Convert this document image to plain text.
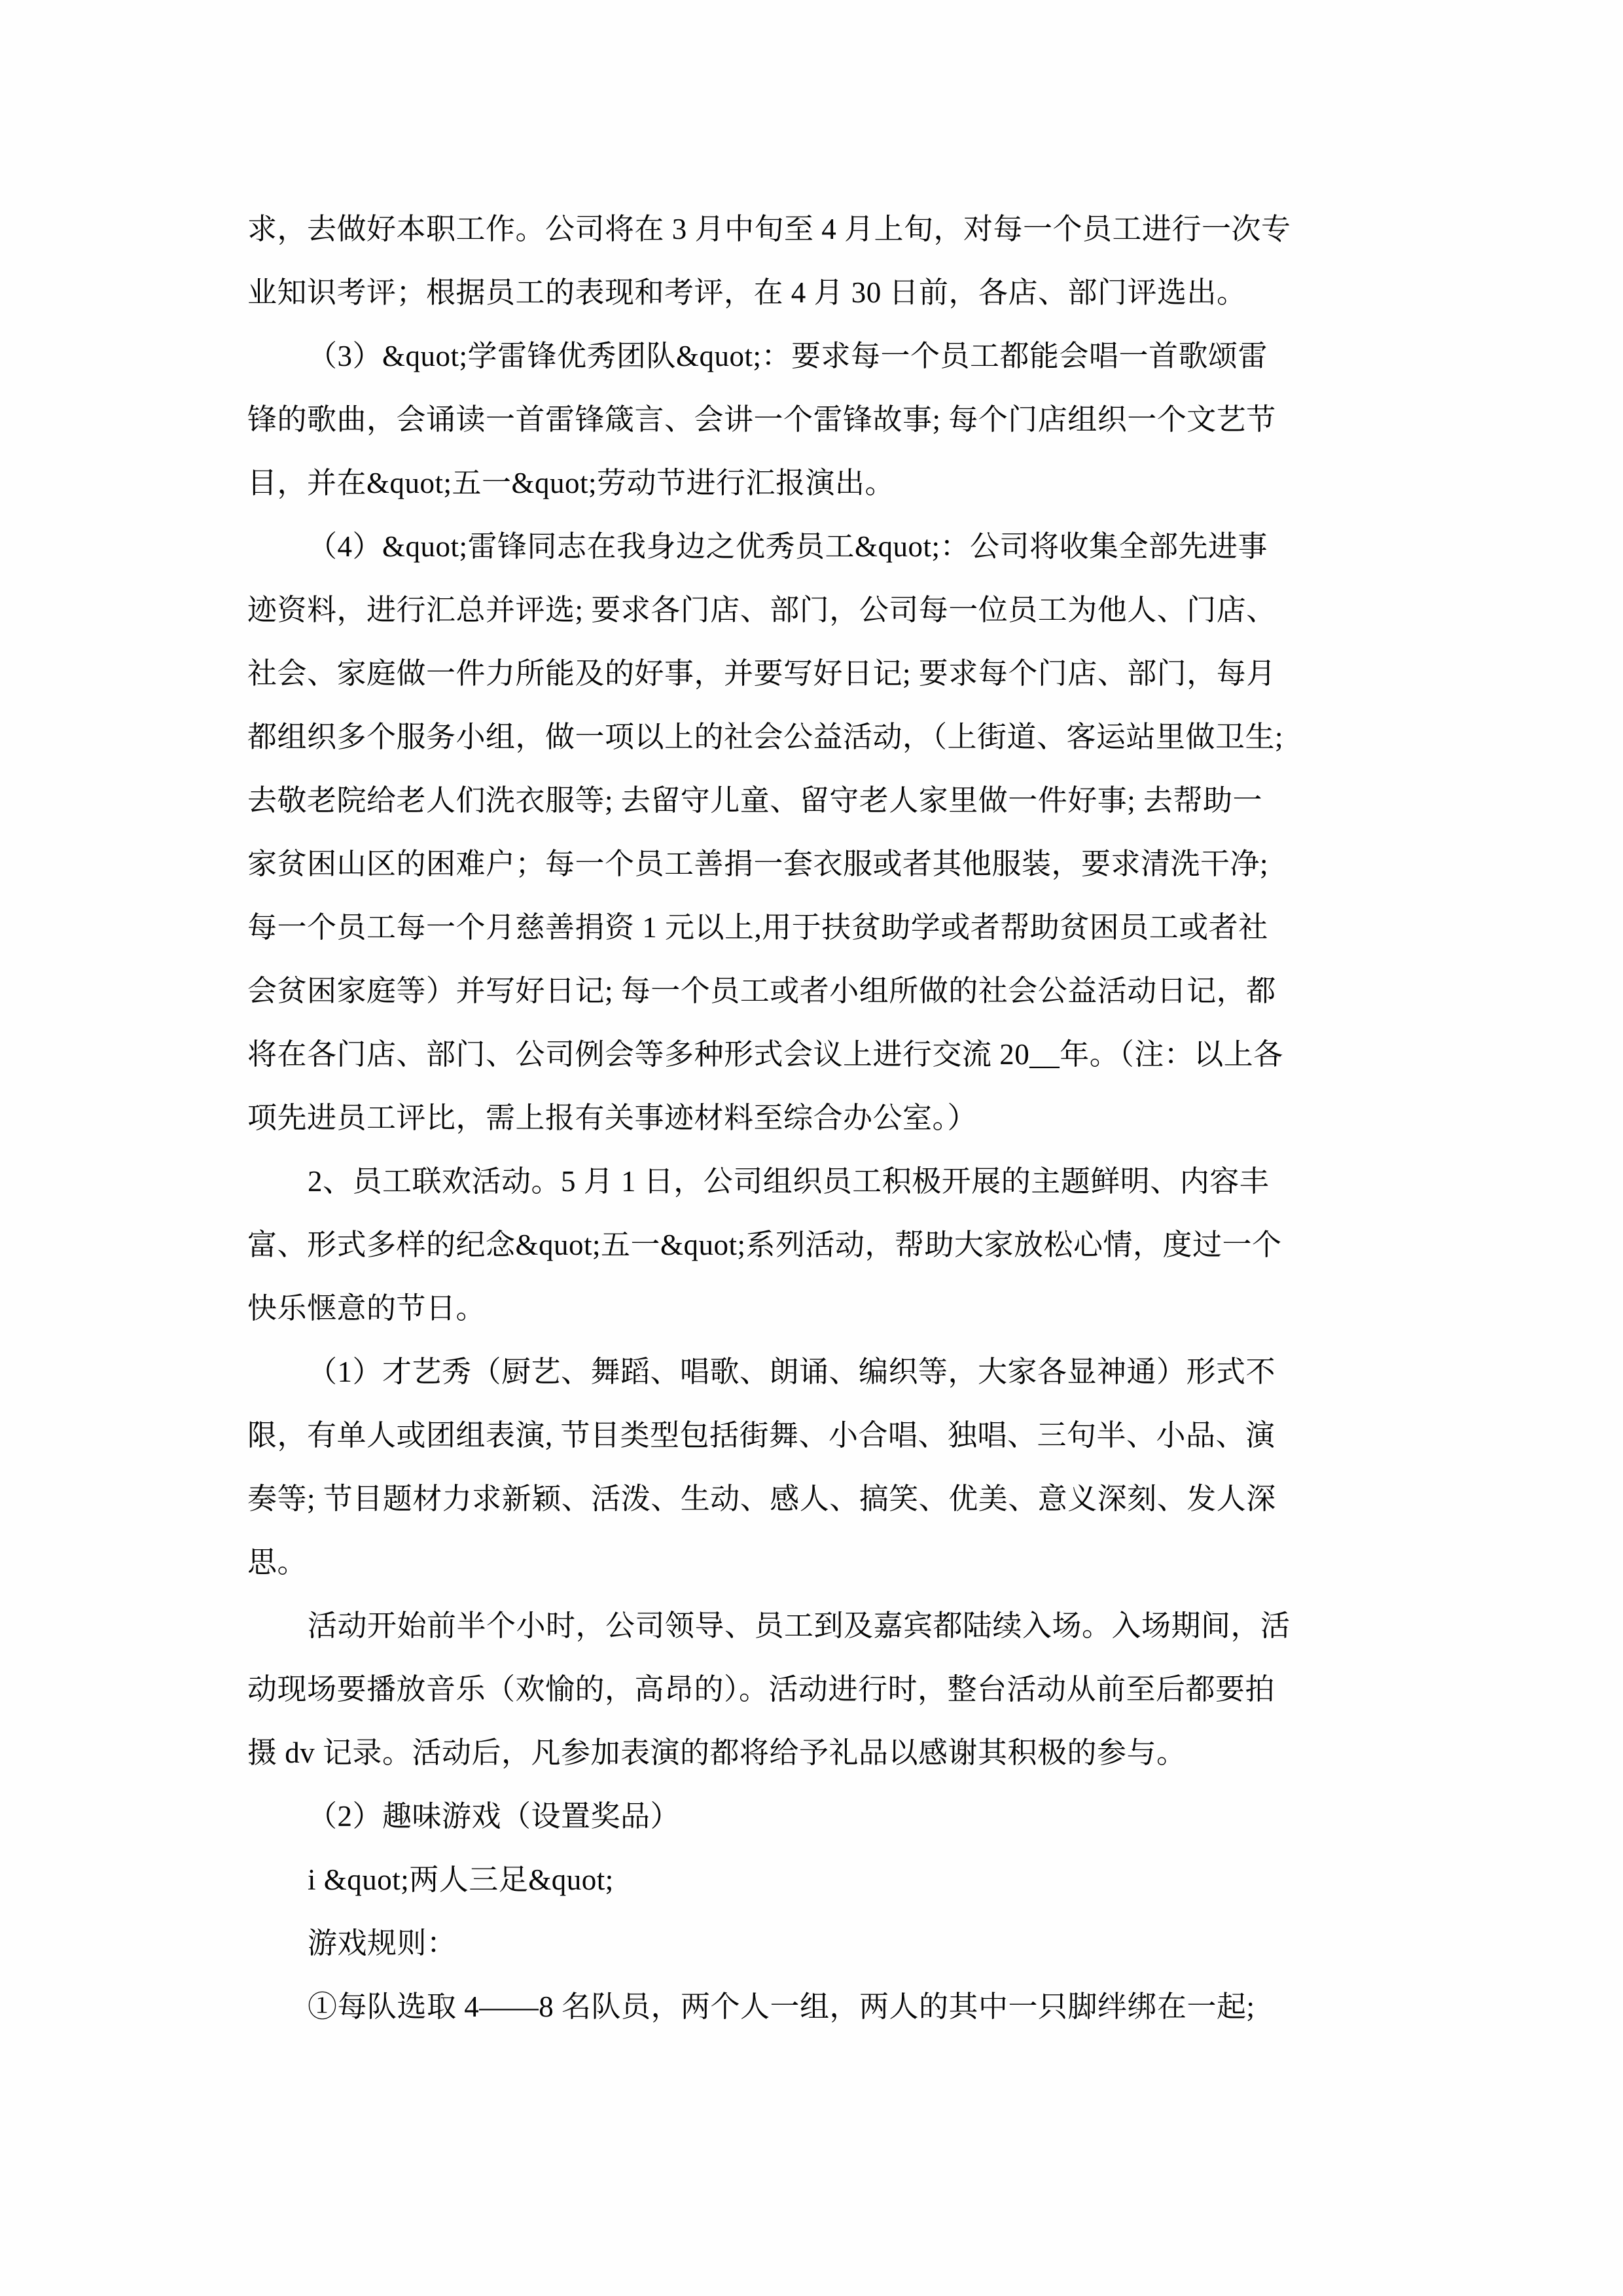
求，去做好本职工作。公司将在 3 月中旬至 4 月上旬，对每一个员工进行一次专
业知识考评；根据员工的表现和考评，在 4 月 30 日前，各店、部门评选出。
（3）&quot;学雷锋优秀团队&quot;：要求每一个员工都能会唱一首歌颂雷
锋的歌曲，会诵读一首雷锋箴言、会讲一个雷锋故事; 每个门店组织一个文艺节
目，并在&quot;五一&quot;劳动节进行汇报演出。
（4）&quot;雷锋同志在我身边之优秀员工&quot;：公司将收集全部先进事
迹资料，进行汇总并评选; 要求各门店、部门，公司每一位员工为他人、门店、
社会、家庭做一件力所能及的好事，并要写好日记; 要求每个门店、部门，每月
都组织多个服务小组，做一项以上的社会公益活动，（上街道、客运站里做卫生;
去敬老院给老人们洗衣服等; 去留守儿童、留守老人家里做一件好事; 去帮助一
家贫困山区的困难户；每一个员工善捐一套衣服或者其他服装，要求清洗干净;
每一个员工每一个月慈善捐资 1 元以上,用于扶贫助学或者帮助贫困员工或者社
会贫困家庭等）并写好日记; 每一个员工或者小组所做的社会公益活动日记，都
将在各门店、部门、公司例会等多种形式会议上进行交流 20__年。（注：以上各
项先进员工评比，需上报有关事迹材料至综合办公室。）
2、员工联欢活动。5 月 1 日，公司组织员工积极开展的主题鲜明、内容丰
富、形式多样的纪念&quot;五一&quot;系列活动，帮助大家放松心情，度过一个
快乐惬意的节日。
（1）才艺秀（厨艺、舞蹈、唱歌、朗诵、编织等，大家各显神通）形式不
限，有单人或团组表演, 节目类型包括街舞、小合唱、独唱、三句半、小品、演
奏等; 节目题材力求新颖、活泼、生动、感人、搞笑、优美、意义深刻、发人深
思。
活动开始前半个小时，公司领导、员工到及嘉宾都陆续入场。入场期间，活
动现场要播放音乐（欢愉的，高昂的）。活动进行时，整台活动从前至后都要拍
摄 dv 记录。活动后，凡参加表演的都将给予礼品以感谢其积极的参与。
（2）趣味游戏（设置奖品）
i &quot;两人三足&quot;
游戏规则：
①每队选取 4——8 名队员，两个人一组，两人的其中一只脚绊绑在一起;
